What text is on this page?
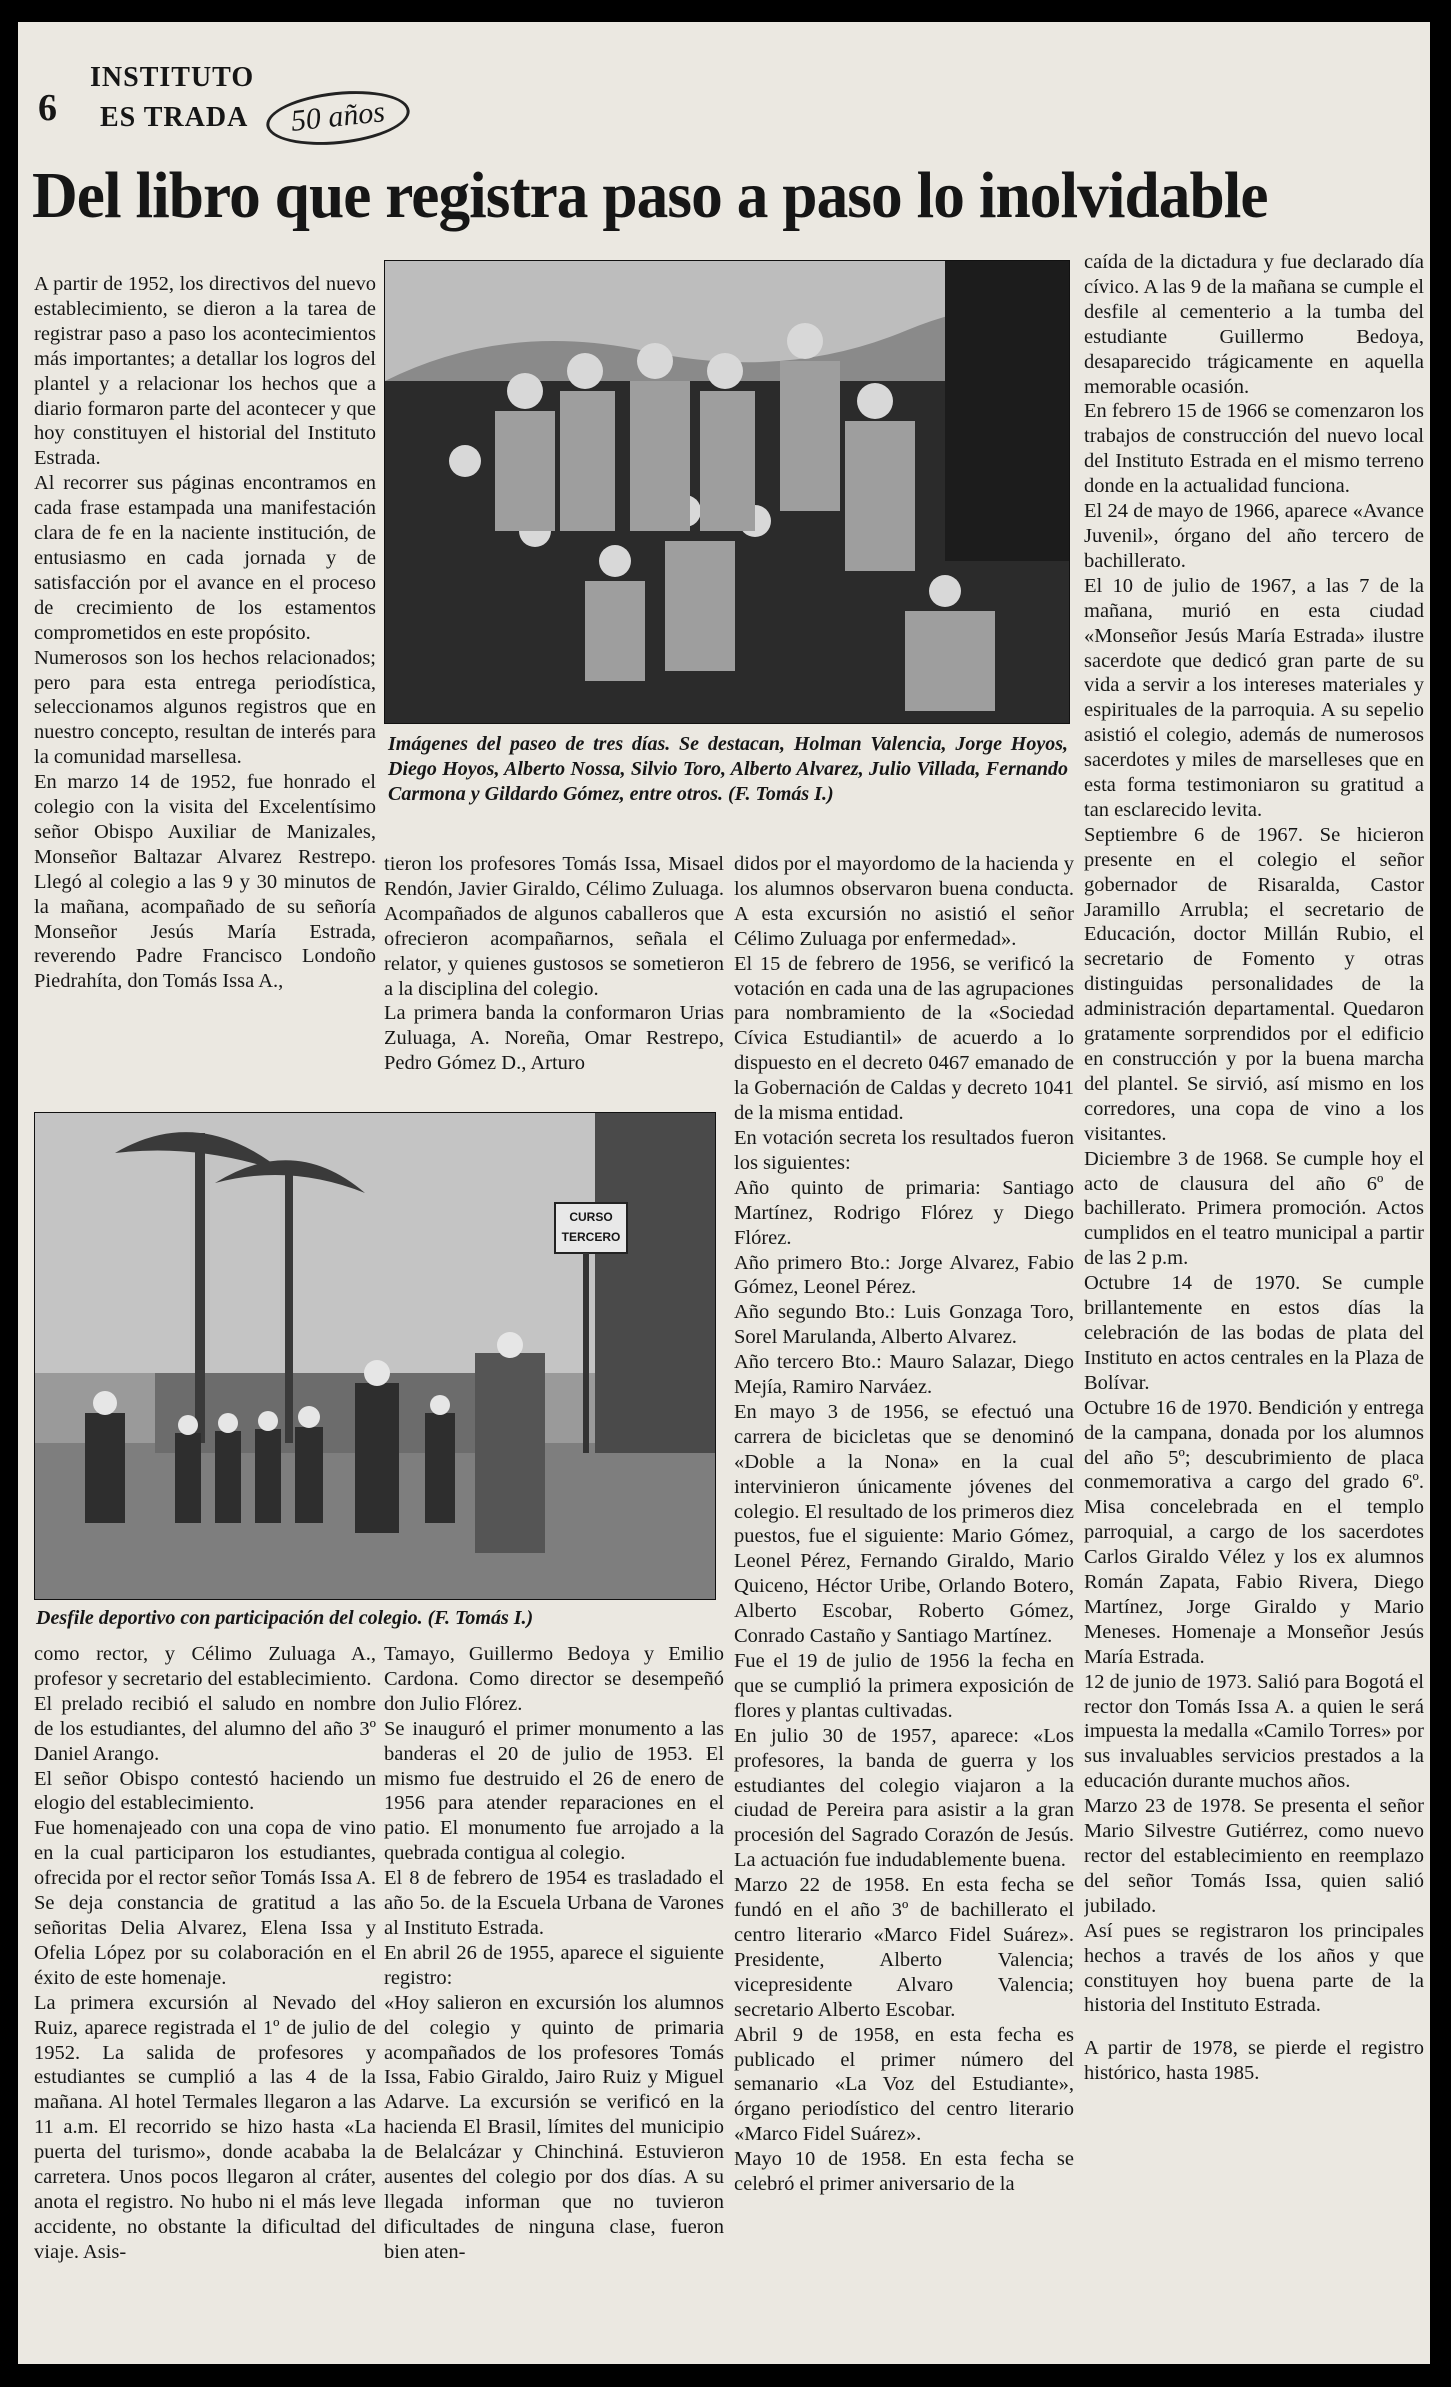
6
INSTITUTO
ES TRADA	50 años
Del libro que registra paso a paso lo inolvidable

A partir de 1952, los directivos del nuevo establecimiento, se dieron a la tarea de registrar paso a paso los acontecimientos más importantes; a detallar los logros del plantel y a relacionar los hechos que a diario formaron parte del acontecer y que hoy constituyen el historial del Instituto Estrada.

Al recorrer sus páginas encontramos en cada frase estampada una manifestación clara de fe en la naciente institución, de entusiasmo en cada jornada y de satisfacción por el avance en el proceso de crecimiento de los estamentos comprometidos en este propósito.

Numerosos son los hechos relacionados; pero para esta entrega periodística, seleccionamos algunos registros que en nuestro concepto, resultan de interés para la comunidad marsellesa.

En marzo 14 de 1952, fue honrado el colegio con la visita del Excelentísimo señor Obispo Auxiliar de Manizales, Monseñor Baltazar Alvarez Restrepo. Llegó al colegio a las 9 y 30 minutos de la mañana, acompañado de su señoría Monseñor Jesús María Estrada, reverendo Padre Francisco Londoño Piedrahíta, don Tomás Issa A.,

Imágenes del paseo de tres días. Se destacan, Holman Valencia, Jorge Hoyos, Diego Hoyos, Alberto Nossa, Silvio Toro, Alberto Alvarez, Julio Villada, Fernando Carmona y Gildardo Gómez, entre otros. (F. Tomás I.)

tieron los profesores Tomás Issa, Misael Rendón, Javier Giraldo, Célimo Zuluaga. Acompañados de algunos caballeros que ofrecieron acompañarnos, señala el relator, y quienes gustosos se sometieron a la disciplina del colegio.

La primera banda la conformaron Urias Zuluaga, A. Noreña, Omar Restrepo, Pedro Gómez D., Arturo

didos por el mayordomo de la hacienda y los alumnos observaron buena conducta. A esta excursión no asistió el señor Célimo Zuluaga por enfermedad».

El 15 de febrero de 1956, se verificó la votación en cada una de las agrupaciones para nombramiento de la «Sociedad Cívica Estudiantil» de acuerdo a lo dispuesto en el decreto 0467 emanado de la Gobernación de Caldas y decreto 1041 de la misma entidad.

En votación secreta los resultados fueron los siguientes:

Año quinto de primaria: Santiago Martínez, Rodrigo Flórez y Diego Flórez.

Año primero Bto.: Jorge Alvarez, Fabio Gómez, Leonel Pérez.

Año segundo Bto.: Luis Gonzaga Toro, Sorel Marulanda, Alberto Alvarez.

Año tercero Bto.: Mauro Salazar, Diego Mejía, Ramiro Narváez.

En mayo 3 de 1956, se efectuó una carrera de bicicletas que se denominó «Doble a la Nona» en la cual intervinieron únicamente jóvenes del colegio. El resultado de los primeros diez puestos, fue el siguiente: Mario Gómez, Leonel Pérez, Fernando Giraldo, Mario Quiceno, Héctor Uribe, Orlando Botero, Alberto Escobar, Roberto Gómez, Conrado Castaño y Santiago Martínez.

Fue el 19 de julio de 1956 la fecha en que se cumplió la primera exposición de flores y plantas cultivadas.

En julio 30 de 1957, aparece: «Los profesores, la banda de guerra y los estudiantes del colegio viajaron a la ciudad de Pereira para asistir a la gran procesión del Sagrado Corazón de Jesús. La actuación fue indudablemente buena.

Marzo 22 de 1958. En esta fecha se fundó en el año 3º de bachillerato el centro literario «Marco Fidel Suárez». Presidente, Alberto Valencia; vicepresidente Alvaro Valencia; secretario Alberto Escobar.

Abril 9 de 1958, en esta fecha es publicado el primer número del semanario «La Voz del Estudiante», órgano periodístico del centro literario «Marco Fidel Suárez».

Mayo 10 de 1958. En esta fecha se celebró el primer aniversario de la

caída de la dictadura y fue declarado día cívico. A las 9 de la mañana se cumple el desfile al cementerio a la tumba del estudiante Guillermo Bedoya, desaparecido trágicamente en aquella memorable ocasión.

En febrero 15 de 1966 se comenzaron los trabajos de construcción del nuevo local del Instituto Estrada en el mismo terreno donde en la actualidad funciona.

El 24 de mayo de 1966, aparece «Avance Juvenil», órgano del año tercero de bachillerato.

El 10 de julio de 1967, a las 7 de la mañana, murió en esta ciudad «Monseñor Jesús María Estrada» ilustre sacerdote que dedicó gran parte de su vida a servir a los intereses materiales y espirituales de la parroquia. A su sepelio asistió el colegio, además de numerosos sacerdotes y miles de marselleses que en esta forma testimoniaron su gratitud a tan esclarecido levita.

Septiembre 6 de 1967. Se hicieron presente en el colegio el señor gobernador de Risaralda, Castor Jaramillo Arrubla; el secretario de Educación, doctor Millán Rubio, el secretario de Fomento y otras distinguidas personalidades de la administración departamental. Quedaron gratamente sorprendidos por el edificio en construcción y por la buena marcha del plantel. Se sirvió, así mismo en los corredores, una copa de vino a los visitantes.

Diciembre 3 de 1968. Se cumple hoy el acto de clausura del año 6º de bachillerato. Primera promoción. Actos cumplidos en el teatro municipal a partir de las 2 p.m.

Octubre 14 de 1970. Se cumple brillantemente en estos días la celebración de las bodas de plata del Instituto en actos centrales en la Plaza de Bolívar.

Octubre 16 de 1970. Bendición y entrega de la campana, donada por los alumnos del año 5º; descubrimiento de placa conmemorativa a cargo del grado 6º. Misa concelebrada en el templo parroquial, a cargo de los sacerdotes Carlos Giraldo Vélez y los ex alumnos Román Zapata, Fabio Rivera, Diego Martínez, Jorge Giraldo y Mario Meneses. Homenaje a Monseñor Jesús María Estrada.

12 de junio de 1973. Salió para Bogotá el rector don Tomás Issa A. a quien le será impuesta la medalla «Camilo Torres» por sus invaluables servicios prestados a la educación durante muchos años.

Marzo 23 de 1978. Se presenta el señor Mario Silvestre Gutiérrez, como nuevo rector del establecimiento en reemplazo del señor Tomás Issa, quien salió jubilado.

Así pues se registraron los principales hechos a través de los años y que constituyen hoy buena parte de la historia del Instituto Estrada.

A partir de 1978, se pierde el registro histórico, hasta 1985.

CURSO TERCERO
Desfile deportivo con participación del colegio. (F. Tomás I.)

como rector, y Célimo Zuluaga A., profesor y secretario del establecimiento.

El prelado recibió el saludo en nombre de los estudiantes, del alumno del año 3º Daniel Arango.

El señor Obispo contestó haciendo un elogio del establecimiento.

Fue homenajeado con una copa de vino en la cual participaron los estudiantes, ofrecida por el rector señor Tomás Issa A.

Se deja constancia de gratitud a las señoritas Delia Alvarez, Elena Issa y Ofelia López por su colaboración en el éxito de este homenaje.

La primera excursión al Nevado del Ruiz, aparece registrada el 1º de julio de 1952. La salida de profesores y estudiantes se cumplió a las 4 de la mañana. Al hotel Termales llegaron a las 11 a.m. El recorrido se hizo hasta «La puerta del turismo», donde acababa la carretera. Unos pocos llegaron al cráter, anota el registro. No hubo ni el más leve accidente, no obstante la dificultad del viaje. Asis-

Tamayo, Guillermo Bedoya y Emilio Cardona. Como director se desempeñó don Julio Flórez.

Se inauguró el primer monumento a las banderas el 20 de julio de 1953. El mismo fue destruido el 26 de enero de 1956 para atender reparaciones en el patio. El monumento fue arrojado a la quebrada contigua al colegio.

El 8 de febrero de 1954 es trasladado el año 5o. de la Escuela Urbana de Varones al Instituto Estrada.

En abril 26 de 1955, aparece el siguiente registro:

«Hoy salieron en excursión los alumnos del colegio y quinto de primaria acompañados de los profesores Tomás Issa, Fabio Giraldo, Jairo Ruiz y Miguel Adarve. La excursión se verificó en la hacienda El Brasil, límites del municipio de Belalcázar y Chinchiná. Estuvieron ausentes del colegio por dos días. A su llegada informan que no tuvieron dificultades de ninguna clase, fueron bien aten-
